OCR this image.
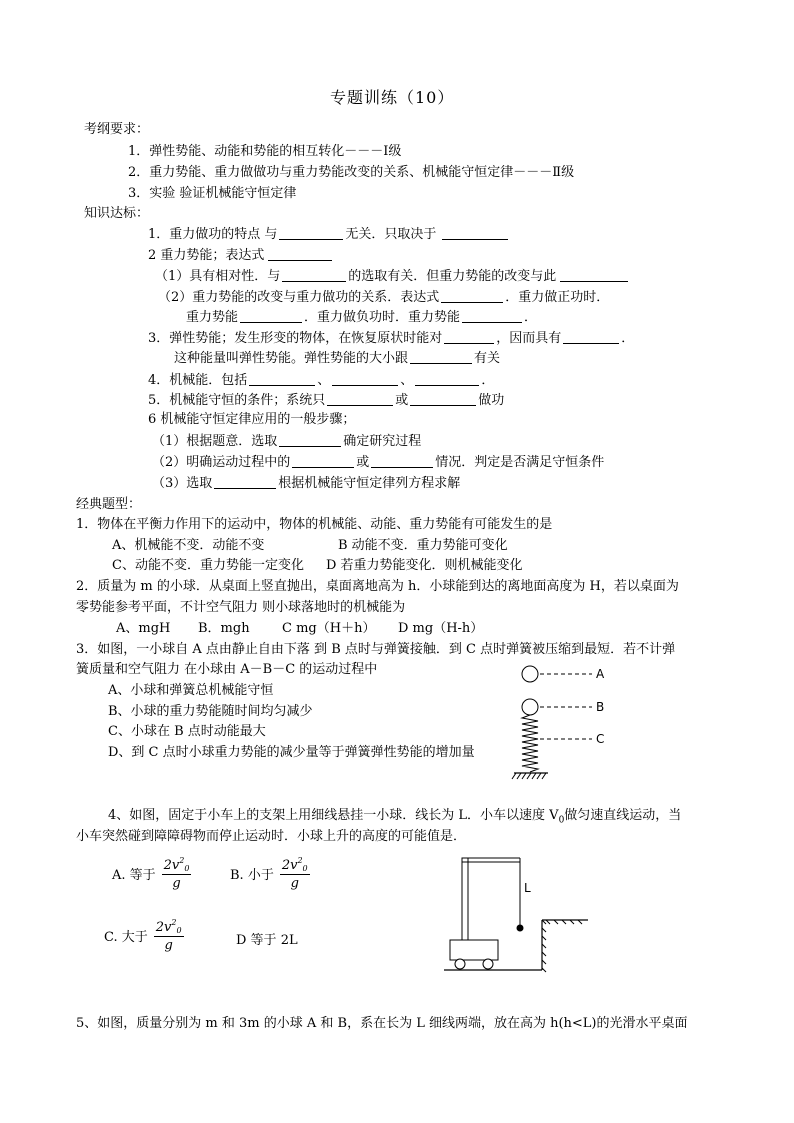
专题训练（10）
考纲要求：
1．弹性势能、动能和势能的相互转化－－－Ⅰ级
2．重力势能、重力做做功与重力势能改变的关系、机械能守恒定律－－－Ⅱ级
3．实验 验证机械能守恒定律
知识达标：
1．重力做功的特点 与	无关．只取决于
2 重力势能；表达式
（1）具有相对性．与	的选取有关．但重力势能的改变与此
（2）重力势能的改变与重力做功的关系．表达式	．重力做正功时．
重力势能	．重力做负功时．重力势能	．
3．弹性势能；发生形变的物体，在恢复原状时能对	，因而具有	．
这种能量叫弹性势能。弹性势能的大小跟	有关
4．机械能．包括	、	、	．
5．机械能守恒的条件；系统只	或	做功
6 机械能守恒定律应用的一般步骤；
（1）根据题意．选取	确定研究过程
（2）明确运动过程中的	或	情况．判定是否满足守恒条件
（3）选取	根据机械能守恒定律列方程求解
经典题型：
1．物体在平衡力作用下的运动中，物体的机械能、动能、重力势能有可能发生的是
A、机械能不变．动能不变	B 动能不变．重力势能可变化
C、动能不变．重力势能一定变化 D 若重力势能变化．则机械能变化
2．质量为 m 的小球．从桌面上竖直抛出，桌面离地高为 h．小球能到达的离地面高度为 H，若以桌面为
零势能参考平面，不计空气阻力 则小球落地时的机械能为
A、mgH B．mgh C mg（H＋h） D mg（H-h）
3．如图，一小球自 A 点由静止自由下落 到 B 点时与弹簧接触．到 C 点时弹簧被压缩到最短．若不计弹
簧质量和空气阻力 在小球由 A－B－C 的运动过程中
A、小球和弹簧总机械能守恒
B、小球的重力势能随时间均匀减少
C、小球在 B 点时动能最大
D、到 C 点时小球重力势能的减少量等于弹簧弹性势能的增加量
A
B
C
4、如图，固定于小车上的支架上用细线悬挂一小球．线长为 L．小车以速度 $V_0$做匀速直线运动，当
小车突然碰到障障碍物而停止运动时．小球上升的高度的可能值是．
A. 等于 $\frac{2v^2_0}{g}$	B. 小于 $\frac{2v^2_0}{g}$
C. 大于 $\frac{2v^2_0}{g}$	D 等于 2L
L
5、如图，质量分别为 m 和 3m 的小球 A 和 B，系在长为 L 细线两端，放在高为 h(h<L)的光滑水平桌面
